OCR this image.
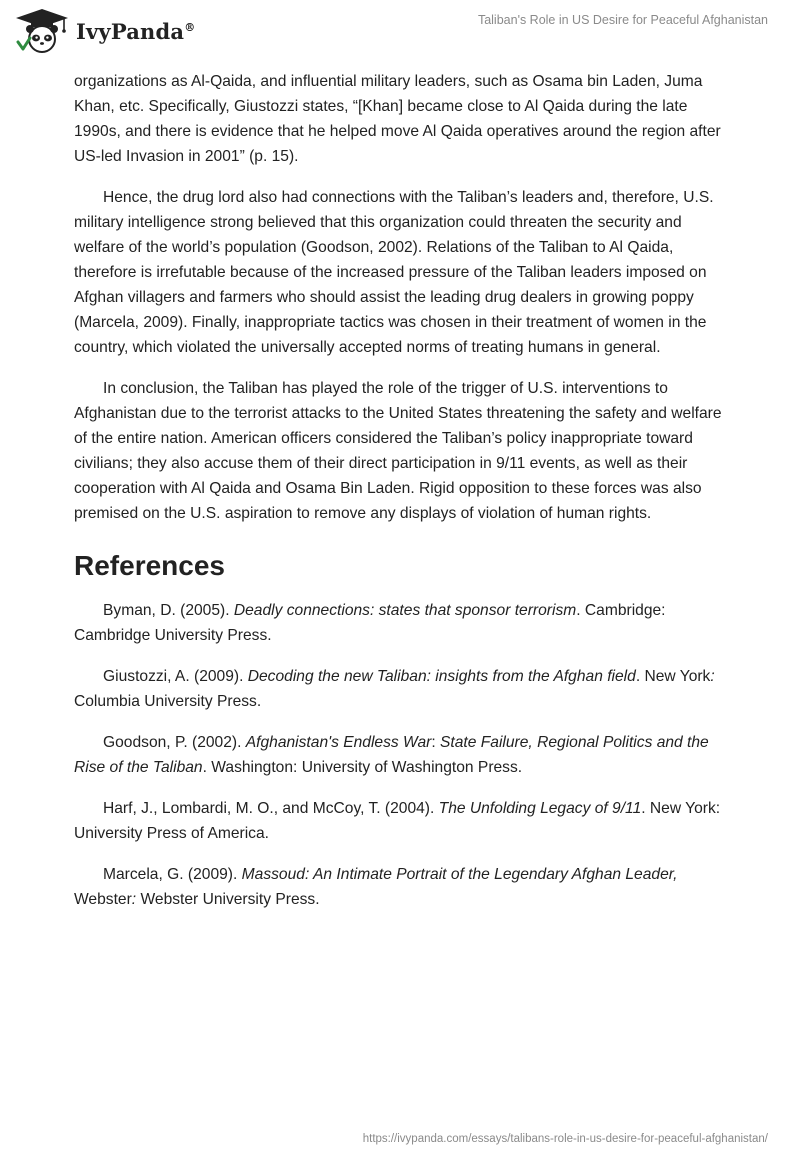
IvyPanda®	Taliban's Role in US Desire for Peaceful Afghanistan

organizations as Al-Qaida, and influential military leaders, such as Osama bin Laden, Juma Khan, etc. Specifically, Giustozzi states, “[Khan] became close to Al Qaida during the late 1990s, and there is evidence that he helped move Al Qaida operatives around the region after US-led Invasion in 2001” (p. 15).

Hence, the drug lord also had connections with the Taliban’s leaders and, therefore, U.S. military intelligence strong believed that this organization could threaten the security and welfare of the world’s population (Goodson, 2002). Relations of the Taliban to Al Qaida, therefore is irrefutable because of the increased pressure of the Taliban leaders imposed on Afghan villagers and farmers who should assist the leading drug dealers in growing poppy (Marcela, 2009). Finally, inappropriate tactics was chosen in their treatment of women in the country, which violated the universally accepted norms of treating humans in general.

In conclusion, the Taliban has played the role of the trigger of U.S. interventions to Afghanistan due to the terrorist attacks to the United States threatening the safety and welfare of the entire nation. American officers considered the Taliban’s policy inappropriate toward civilians; they also accuse them of their direct participation in 9/11 events, as well as their cooperation with Al Qaida and Osama Bin Laden. Rigid opposition to these forces was also premised on the U.S. aspiration to remove any displays of violation of human rights.

References

Byman, D. (2005). Deadly connections: states that sponsor terrorism. Cambridge: Cambridge University Press.

Giustozzi, A. (2009). Decoding the new Taliban: insights from the Afghan field. New York: Columbia University Press.

Goodson, P. (2002). Afghanistan's Endless War: State Failure, Regional Politics and the Rise of the Taliban. Washington: University of Washington Press.

Harf, J., Lombardi, M. O., and McCoy, T. (2004). The Unfolding Legacy of 9/11. New York: University Press of America.

Marcela, G. (2009). Massoud: An Intimate Portrait of the Legendary Afghan Leader, Webster: Webster University Press.

https://ivypanda.com/essays/talibans-role-in-us-desire-for-peaceful-afghanistan/
